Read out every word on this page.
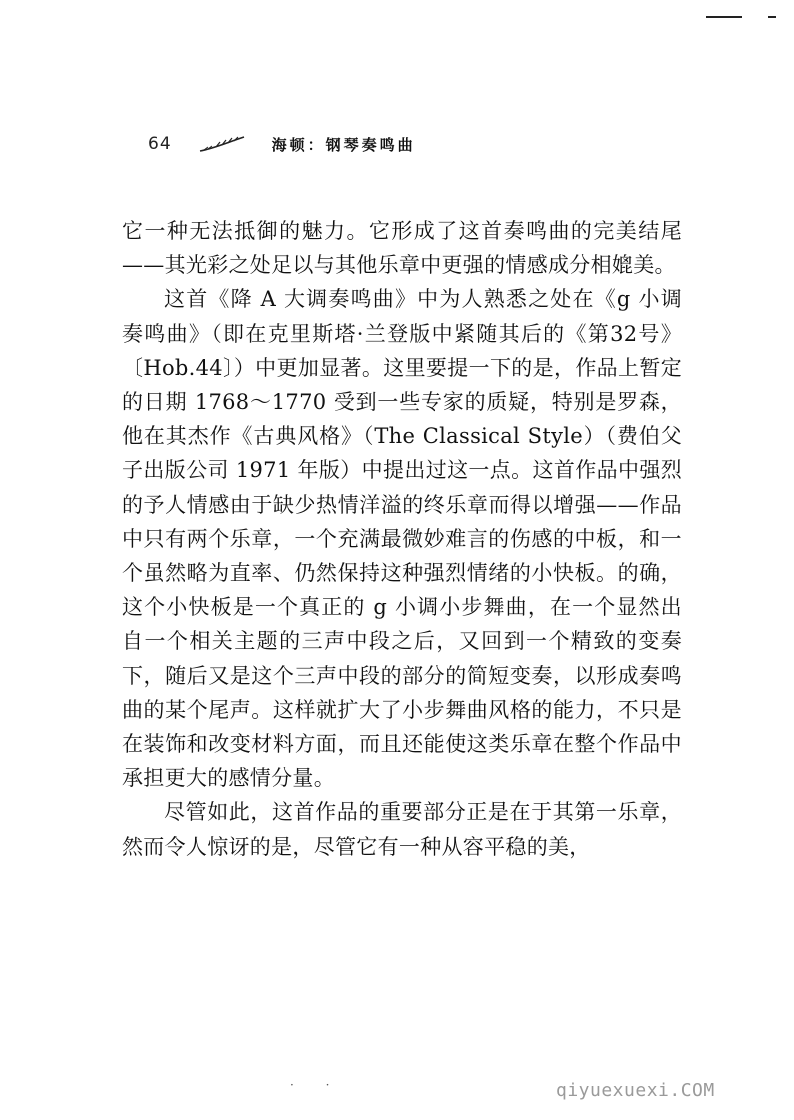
64	海顿：钢琴奏鸣曲

它一种无法抵御的魅力。它形成了这首奏鸣曲的完美结尾——其光彩之处足以与其他乐章中更强的情感成分相媲美。

这首《降 A 大调奏鸣曲》中为人熟悉之处在《g 小调奏鸣曲》（即在克里斯塔·兰登版中紧随其后的《第32号》〔Hob.44〕）中更加显著。这里要提一下的是，作品上暂定的日期 1768～1770 受到一些专家的质疑，特别是罗森，他在其杰作《古典风格》（The Classical Style）（费伯父子出版公司 1971 年版）中提出过这一点。这首作品中强烈的予人情感由于缺少热情洋溢的终乐章而得以增强——作品中只有两个乐章，一个充满最微妙难言的伤感的中板，和一个虽然略为直率、仍然保持这种强烈情绪的小快板。的确，这个小快板是一个真正的 g 小调小步舞曲，在一个显然出自一个相关主题的三声中段之后，又回到一个精致的变奏下，随后又是这个三声中段的部分的简短变奏，以形成奏鸣曲的某个尾声。这样就扩大了小步舞曲风格的能力，不只是在装饰和改变材料方面，而且还能使这类乐章在整个作品中承担更大的感情分量。

尽管如此，这首作品的重要部分正是在于其第一乐章，然而令人惊讶的是，尽管它有一种从容平稳的美，

· ·	qiyuexuexi.COM
